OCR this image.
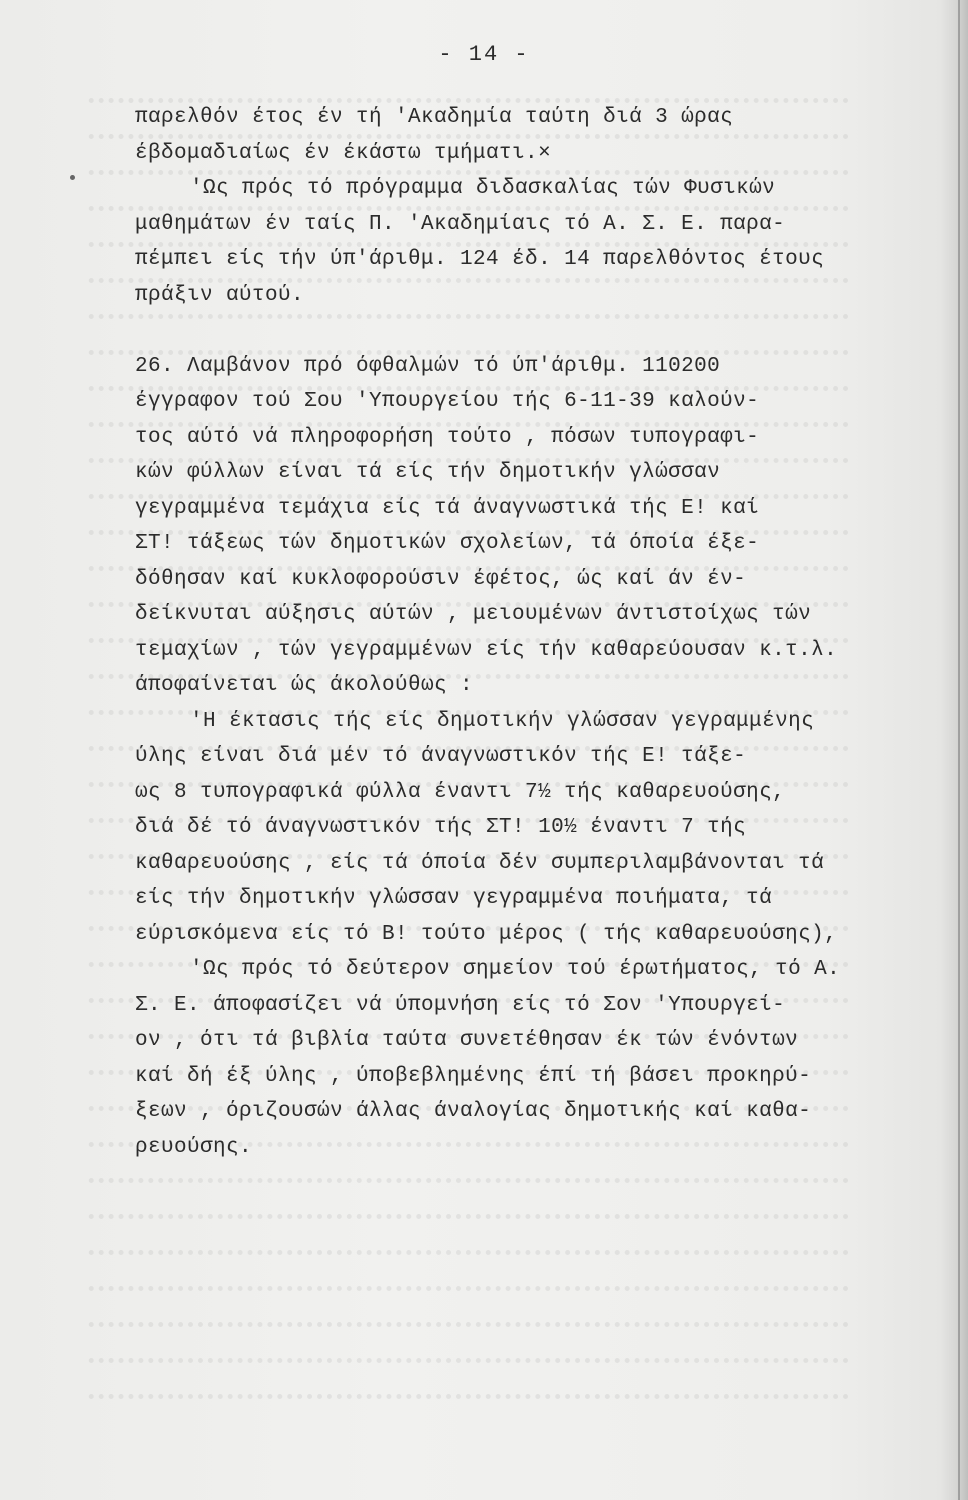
- 14 -
παρελθόν έτος έν τή 'Ακαδημία ταύτη διά 3 ώρας
έβδομαδιαίως έν έκάστω τμήματι.×
'Ως πρός τό πρόγραμμα διδασκαλίας τών Φυσικών
μαθημάτων έν ταίς Π. 'Ακαδημίαις τό Α. Σ. Ε. παρα-
πέμπει είς τήν ύπ'άριθμ. 124 έδ. 14 παρελθόντος έτους
πράξιν αύτού.
26. Λαμβάνον πρό όφθαλμών τό ύπ'άριθμ. 110200
έγγραφον τού Σου 'Υπουργείου τής 6-11-39 καλούν-
τος αύτό νά πληροφορήση τούτο , πόσων τυπογραφι-
κών φύλλων είναι τά είς τήν δημοτικήν γλώσσαν
γεγραμμένα τεμάχια είς τά άναγνωστικά τής Ε! καί
ΣΤ! τάξεως τών δημοτικών σχολείων, τά όποία έξε-
δόθησαν καί κυκλοφορούσιν έφέτος, ώς καί άν έν-
δείκνυται αύξησις αύτών , μειουμένων άντιστοίχως τών
τεμαχίων , τών γεγραμμένων είς τήν καθαρεύουσαν κ.τ.λ.
άποφαίνεται ώς άκολούθως :
'Η έκτασις τής είς δημοτικήν γλώσσαν γεγραμμένης
ύλης είναι διά μέν τό άναγνωστικόν τής Ε! τάξε-
ως 8 τυπογραφικά φύλλα έναντι 7½ τής καθαρευούσης,
διά δέ τό άναγνωστικόν τής ΣΤ! 10½ έναντι 7 τής
καθαρευούσης , είς τά όποία δέν συμπεριλαμβάνονται τά
είς τήν δημοτικήν γλώσσαν γεγραμμένα ποιήματα, τά
εύρισκόμενα είς τό Β! τούτο μέρος ( τής καθαρευούσης),
'Ως πρός τό δεύτερον σημείον τού έρωτήματος, τό Α.
Σ. Ε. άποφασίζει νά ύπομνήση είς τό Σον 'Υπουργεί-
ον , ότι τά βιβλία ταύτα συνετέθησαν έκ τών ένόντων
καί δή έξ ύλης , ύποβεβλημένης έπί τή βάσει προκηρύ-
ξεων , όριζουσών άλλας άναλογίας δημοτικής καί καθα-
ρευούσης.
